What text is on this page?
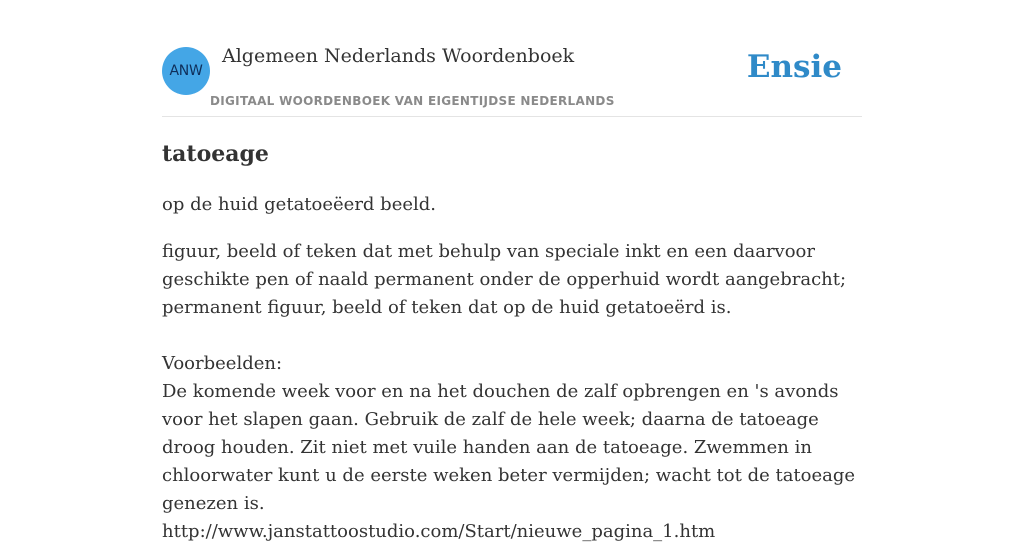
ANW
Algemeen Nederlands Woordenboek
DIGITAAL WOORDENBOEK VAN EIGENTIJDSE NEDERLANDS
Ensie
tatoeage

op de huid getatoeëerd beeld.

figuur, beeld of teken dat met behulp van speciale inkt en een daarvoor geschikte pen of naald permanent onder de opperhuid wordt aangebracht; permanent figuur, beeld of teken dat op de huid getatoeërd is.

Voorbeelden:
De komende week voor en na het douchen de zalf opbrengen en 's avonds voor het slapen gaan. Gebruik de zalf de hele week; daarna de tatoeage droog houden. Zit niet met vuile handen aan de tatoeage. Zwemmen in chloorwater kunt u de eerste weken beter vermijden; wacht tot de tatoeage genezen is.
http://www.janstattoostudio.com/Start/nieuwe_pagina_1.htm
